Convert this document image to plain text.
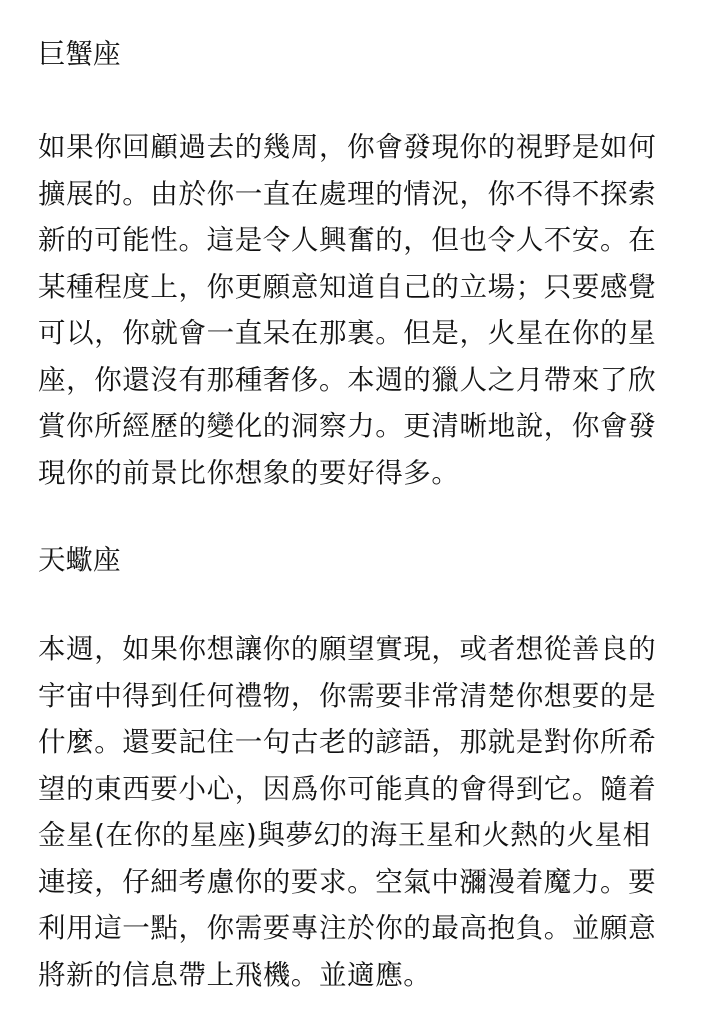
巨蟹座
如果你回顧過去的幾周，你會發現你的視野是如何
擴展的。由於你一直在處理的情況，你不得不探索
新的可能性。這是令人興奮的，但也令人不安。在
某種程度上，你更願意知道自己的立場；只要感覺
可以，你就會一直呆在那裏。但是，火星在你的星
座，你還沒有那種奢侈。本週的獵人之月帶來了欣
賞你所經歷的變化的洞察力。更清晰地說，你會發
現你的前景比你想象的要好得多。
天蠍座
本週，如果你想讓你的願望實現，或者想從善良的
宇宙中得到任何禮物，你需要非常清楚你想要的是
什麼。還要記住一句古老的諺語，那就是對你所希
望的東西要小心，因爲你可能真的會得到它。隨着
金星(在你的星座)與夢幻的海王星和火熱的火星相
連接，仔細考慮你的要求。空氣中瀰漫着魔力。要
利用這一點，你需要專注於你的最高抱負。並願意
將新的信息帶上飛機。並適應。
